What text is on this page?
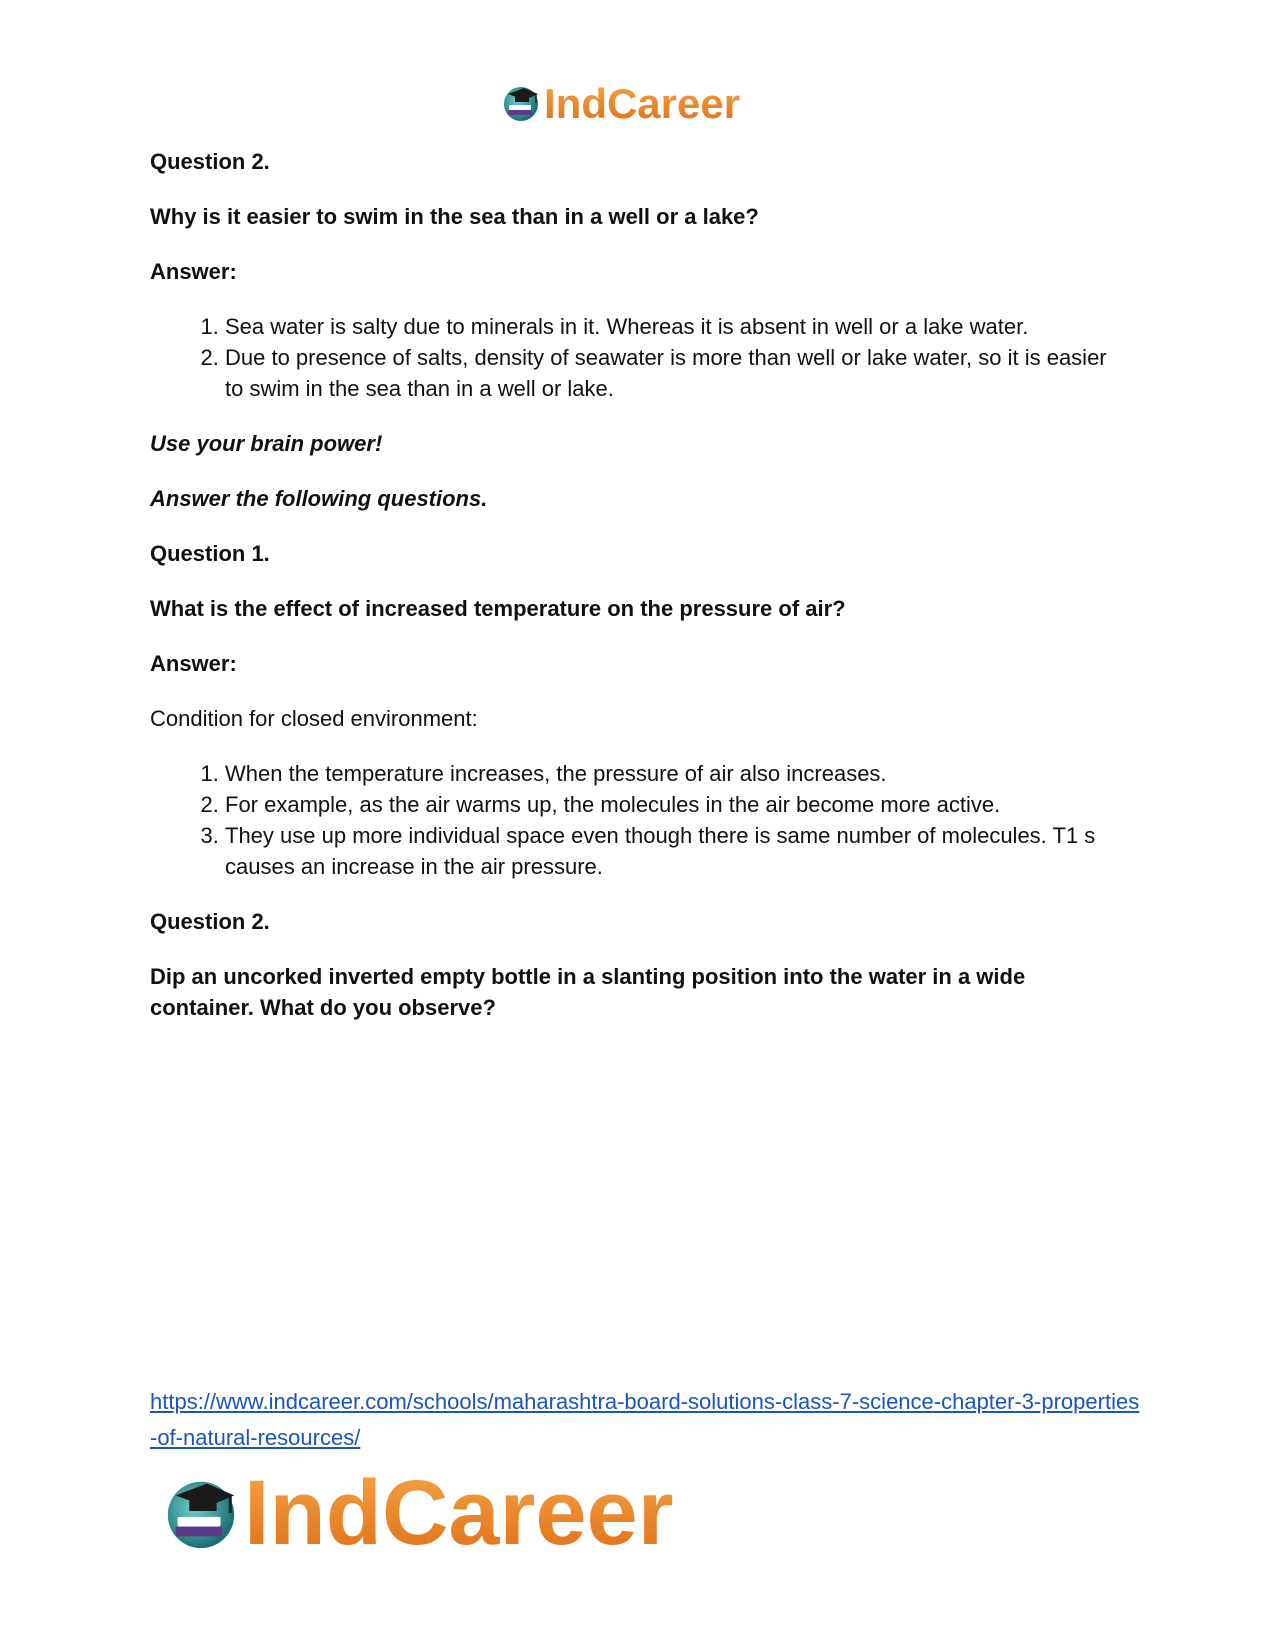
IndCareer

Question 2.

Why is it easier to swim in the sea than in a well or a lake?

Answer:

1. Sea water is salty due to minerals in it. Whereas it is absent in well or a lake water.
2. Due to presence of salts, density of seawater is more than well or lake water, so it is easier to swim in the sea than in a well or lake.

Use your brain power!

Answer the following questions.

Question 1.

What is the effect of increased temperature on the pressure of air?

Answer:

Condition for closed environment:

1. When the temperature increases, the pressure of air also increases.
2. For example, as the air warms up, the molecules in the air become more active.
3. They use up more individual space even though there is same number of molecules. T1 s causes an increase in the air pressure.

Question 2.

Dip an uncorked inverted empty bottle in a slanting position into the water in a wide container. What do you observe?

https://www.indcareer.com/schools/maharashtra-board-solutions-class-7-science-chapter-3-properties-of-natural-resources/
IndCareer
